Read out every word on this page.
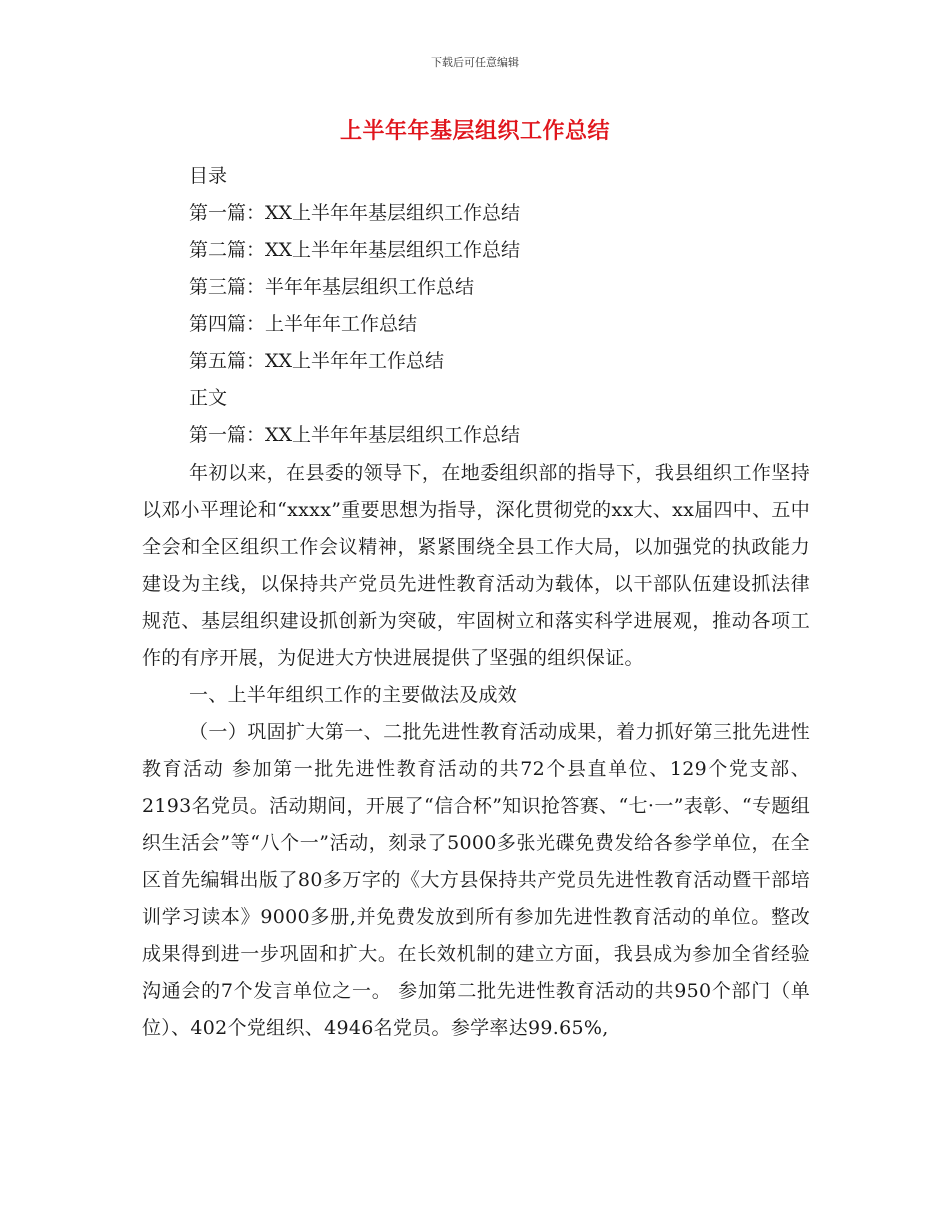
下载后可任意编辑
上半年年基层组织工作总结
目录
第一篇：XX上半年年基层组织工作总结
第二篇：XX上半年年基层组织工作总结
第三篇：半年年基层组织工作总结
第四篇：上半年年工作总结
第五篇：XX上半年年工作总结
正文
第一篇：XX上半年年基层组织工作总结

年初以来，在县委的领导下，在地委组织部的指导下，我县组织工作坚持以邓小平理论和“xxxx”重要思想为指导，深化贯彻党的xx大、xx届四中、五中全会和全区组织工作会议精神，紧紧围绕全县工作大局，以加强党的执政能力建设为主线，以保持共产党员先进性教育活动为载体，以干部队伍建设抓法律规范、基层组织建设抓创新为突破，牢固树立和落实科学进展观，推动各项工作的有序开展，为促进大方快进展提供了坚强的组织保证。

一、上半年组织工作的主要做法及成效

（一）巩固扩大第一、二批先进性教育活动成果，着力抓好第三批先进性教育活动 参加第一批先进性教育活动的共72个县直单位、129个党支部、2193名党员。活动期间，开展了“信合杯”知识抢答赛、“七·一”表彰、“专题组织生活会”等“八个一”活动，刻录了5000多张光碟免费发给各参学单位，在全区首先编辑出版了80多万字的《大方县保持共产党员先进性教育活动暨干部培训学习读本》9000多册,并免费发放到所有参加先进性教育活动的单位。整改成果得到进一步巩固和扩大。在长效机制的建立方面，我县成为参加全省经验沟通会的7个发言单位之一。 参加第二批先进性教育活动的共950个部门（单位）、402个党组织、4946名党员。参学率达99.65%,
